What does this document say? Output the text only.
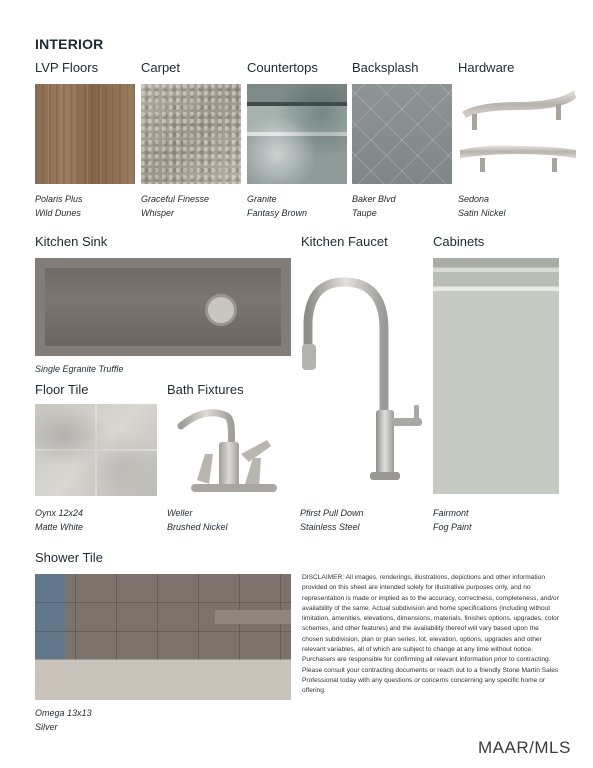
INTERIOR
LVP Floors	Carpet	Countertops	Backsplash	Hardware
Polaris Plus
Wild Dunes
Graceful Finesse
Whisper
Granite
Fantasy Brown
Baker Blvd
Taupe
Sedona
Satin Nickel
Kitchen Sink	Kitchen Faucet	Cabinets
Single Egranite Truffle
Floor Tile	Bath Fixtures
Oynx 12x24
Matte White
Weller
Brushed Nickel
Pfirst Pull Down
Stainless Steel
Fairmont
Fog Paint
Shower Tile
Omega 13x13
Silver
DISCLAIMER: All images, renderings, illustrations, depictions and other information provided on this sheet are intended solely for illustrative purposes only, and no representation is made or implied as to the accuracy, correctness, completeness, and/or availability of the same. Actual subdivision and home specifications (including without limitation, amenities, elevations, dimensions, materials, finishes options, upgrades, color schemes, and other features) and the availability thereof will vary based upon the chosen subdivision, plan or plan series, lot, elevation, options, upgrades and other relevant variables, all of which are subject to change at any time without notice. Purchasers are responsible for confirming all relevant information prior to contracting. Please consult your contracting documents or reach out to a friendly Stone Martin Sales Professional today with any questions or concerns concerning any specific home or offering.
MAAR/MLS
